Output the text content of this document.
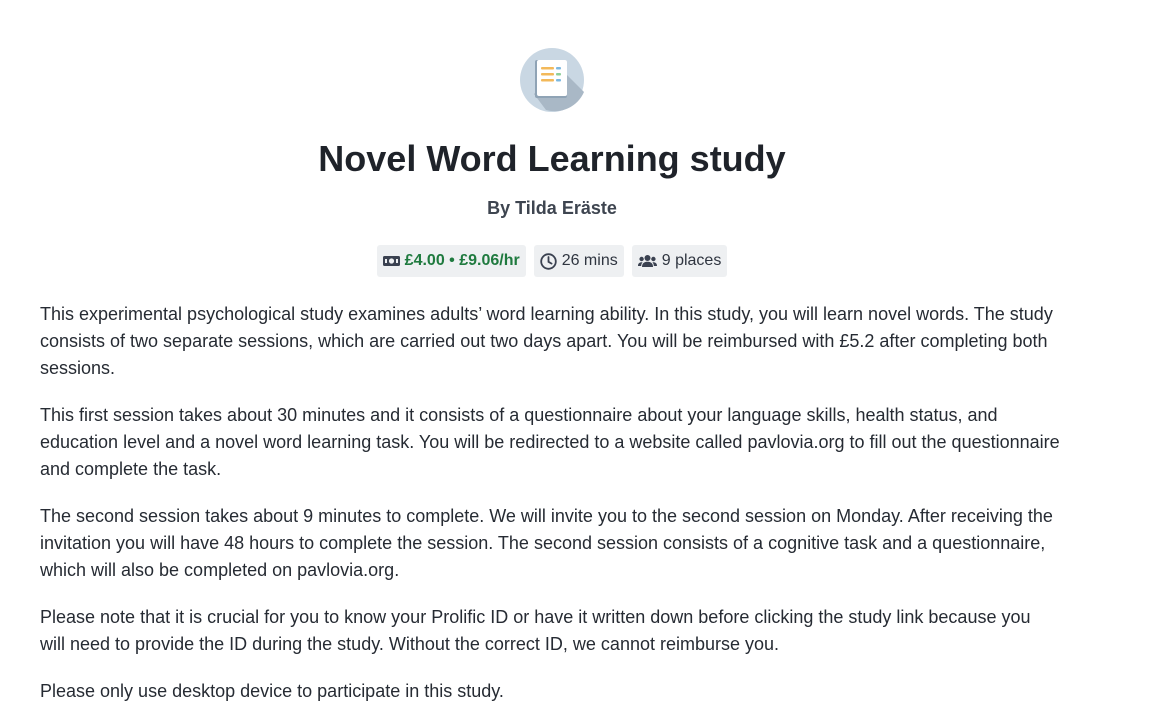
Novel Word Learning study

By Tilda Eräste

£4.00 • £9.06/hr	26 mins	9 places

This experimental psychological study examines adults’ word learning ability. In this study, you will learn novel words. The study consists of two separate sessions, which are carried out two days apart. You will be reimbursed with £5.2 after completing both sessions.

This first session takes about 30 minutes and it consists of a questionnaire about your language skills, health status, and education level and a novel word learning task. You will be redirected to a website called pavlovia.org to fill out the questionnaire and complete the task.

The second session takes about 9 minutes to complete. We will invite you to the second session on Monday. After receiving the invitation you will have 48 hours to complete the session. The second session consists of a cognitive task and a questionnaire, which will also be completed on pavlovia.org.

Please note that it is crucial for you to know your Prolific ID or have it written down before clicking the study link because you will need to provide the ID during the study. Without the correct ID, we cannot reimburse you.

Please only use desktop device to participate in this study.
